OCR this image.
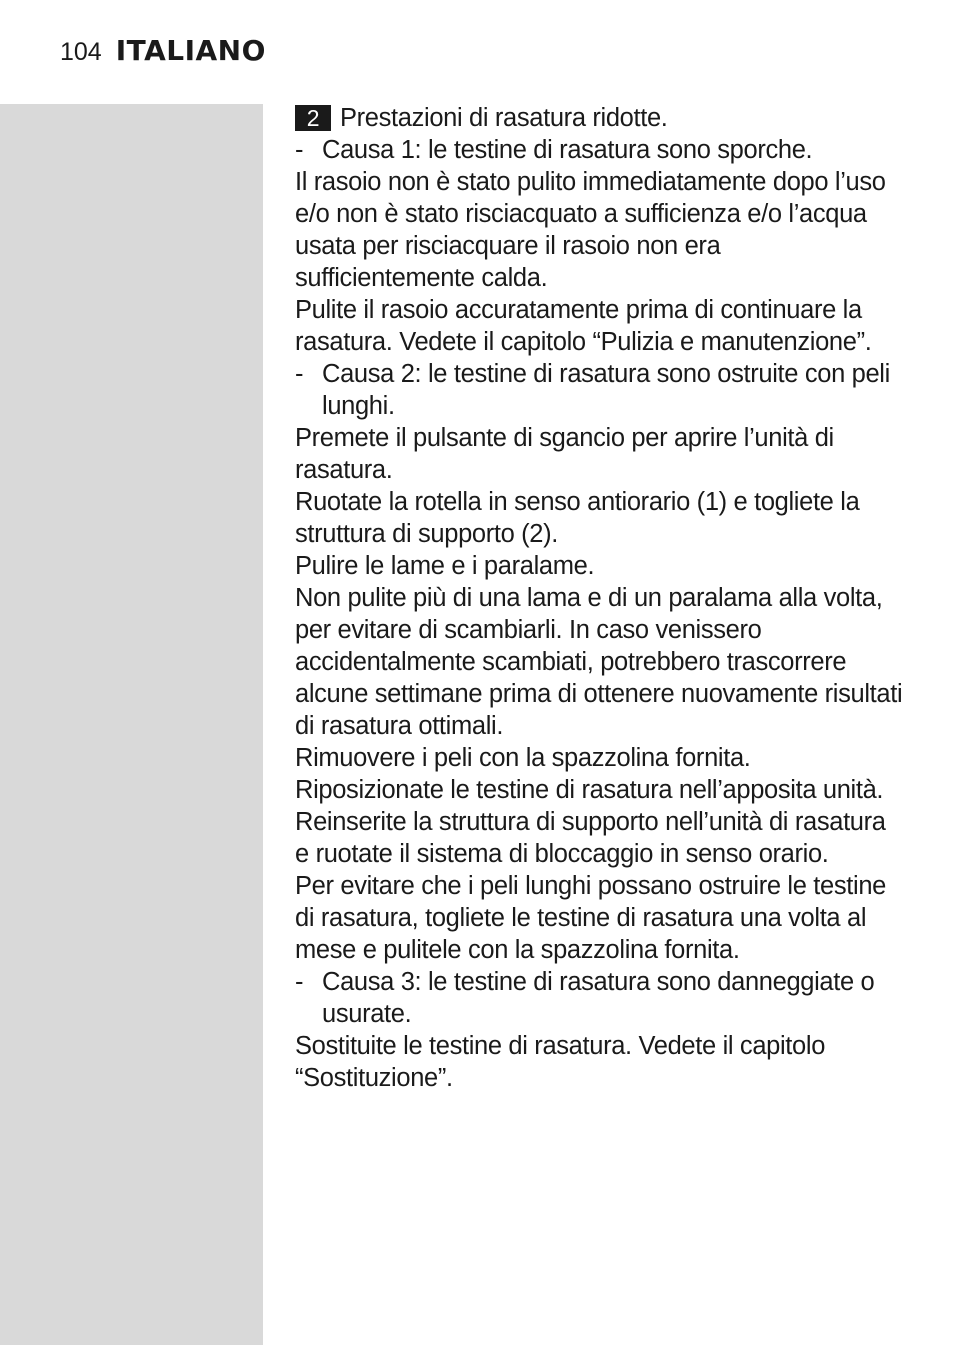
104 ITALIANO

2 Prestazioni di rasatura ridotte.

- Causa 1: le testine di rasatura sono sporche.

Il rasoio non è stato pulito immediatamente dopo l’uso e/o non è stato risciacquato a sufficienza e/o l’acqua usata per risciacquare il rasoio non era sufficientemente calda.

Pulite il rasoio accuratamente prima di continuare la rasatura. Vedete il capitolo “Pulizia e manutenzione”.

- Causa 2: le testine di rasatura sono ostruite con peli lunghi.

Premete il pulsante di sgancio per aprire l’unità di rasatura.

Ruotate la rotella in senso antiorario (1) e togliete la struttura di supporto (2).

Pulire le lame e i paralame.

Non pulite più di una lama e di un paralama alla volta, per evitare di scambiarli. In caso venissero accidentalmente scambiati, potrebbero trascorrere alcune settimane prima di ottenere nuovamente risultati di rasatura ottimali.

Rimuovere i peli con la spazzolina fornita.

Riposizionate le testine di rasatura nell’apposita unità. Reinserite la struttura di supporto nell’unità di rasatura e ruotate il sistema di bloccaggio in senso orario.

Per evitare che i peli lunghi possano ostruire le testine di rasatura, togliete le testine di rasatura una volta al mese e pulitele con la spazzolina fornita.

- Causa 3: le testine di rasatura sono danneggiate o usurate.

Sostituite le testine di rasatura. Vedete il capitolo “Sostituzione”.
